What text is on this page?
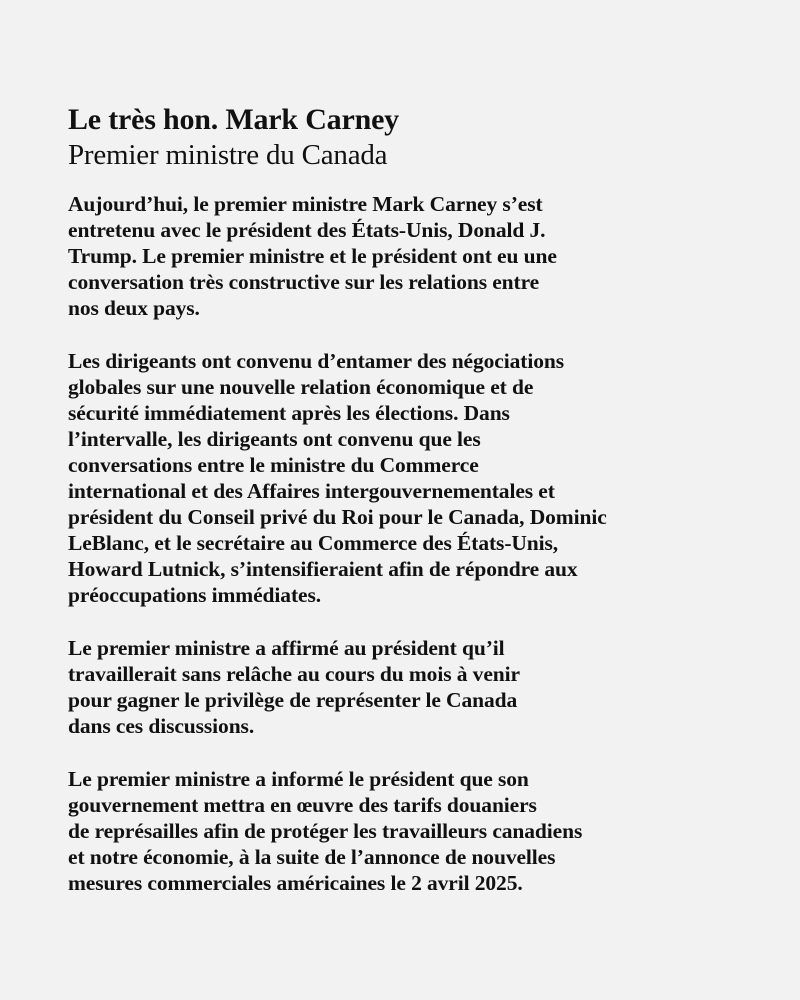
Le très hon. Mark Carney
Premier ministre du Canada

Aujourd’hui, le premier ministre Mark Carney s’est
entretenu avec le président des États-Unis, Donald J.
Trump. Le premier ministre et le président ont eu une
conversation très constructive sur les relations entre
nos deux pays.

Les dirigeants ont convenu d’entamer des négociations
globales sur une nouvelle relation économique et de
sécurité immédiatement après les élections. Dans
l’intervalle, les dirigeants ont convenu que les
conversations entre le ministre du Commerce
international et des Affaires intergouvernementales et
président du Conseil privé du Roi pour le Canada, Dominic
LeBlanc, et le secrétaire au Commerce des États-Unis,
Howard Lutnick, s’intensifieraient afin de répondre aux
préoccupations immédiates.

Le premier ministre a affirmé au président qu’il
travaillerait sans relâche au cours du mois à venir
pour gagner le privilège de représenter le Canada
dans ces discussions.

Le premier ministre a informé le président que son
gouvernement mettra en œuvre des tarifs douaniers
de représailles afin de protéger les travailleurs canadiens
et notre économie, à la suite de l’annonce de nouvelles
mesures commerciales américaines le 2 avril 2025.
